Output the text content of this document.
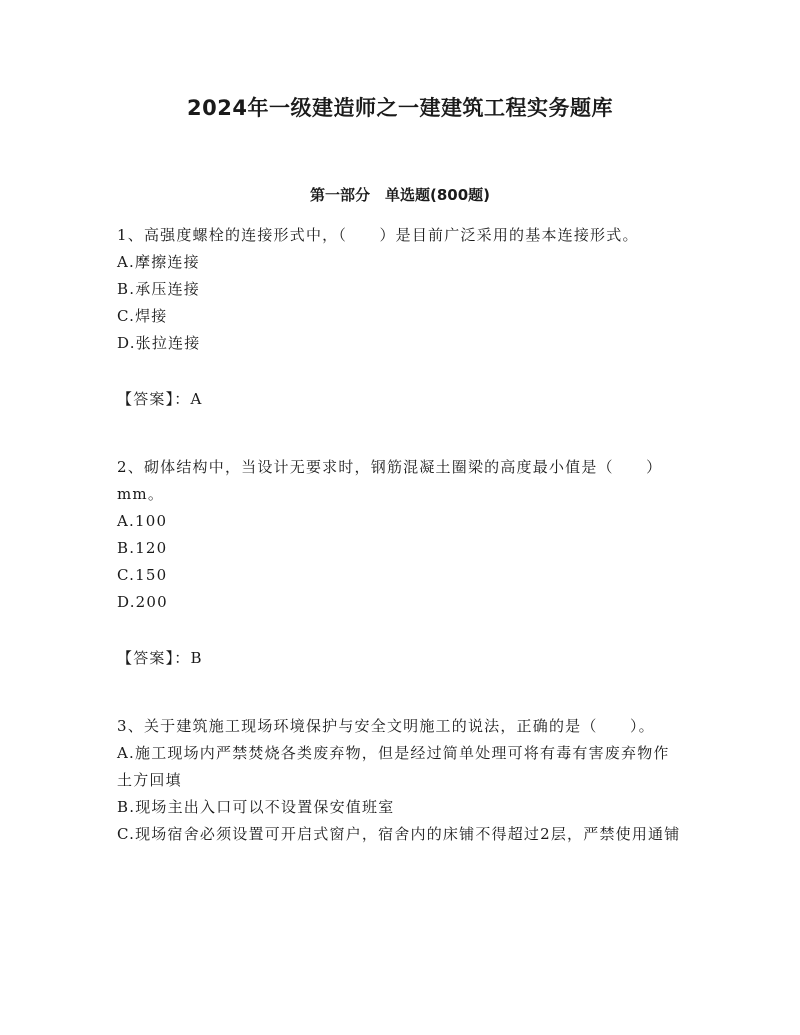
2024年一级建造师之一建建筑工程实务题库
第一部分　单选题(800题)

1、高强度螺栓的连接形式中，（　　）是目前广泛采用的基本连接形式。

A.摩擦连接

B.承压连接

C.焊接

D.张拉连接

【答案】：A

2、砌体结构中，当设计无要求时，钢筋混凝土圈梁的高度最小值是（　　）mm。

A.100

B.120

C.150

D.200

【答案】：B

3、关于建筑施工现场环境保护与安全文明施工的说法，正确的是（　　）。

A.施工现场内严禁焚烧各类废弃物，但是经过简单处理可将有毒有害废弃物作土方回填

B.现场主出入口可以不设置保安值班室

C.现场宿舍必须设置可开启式窗户，宿舍内的床铺不得超过2层，严禁使用通铺
